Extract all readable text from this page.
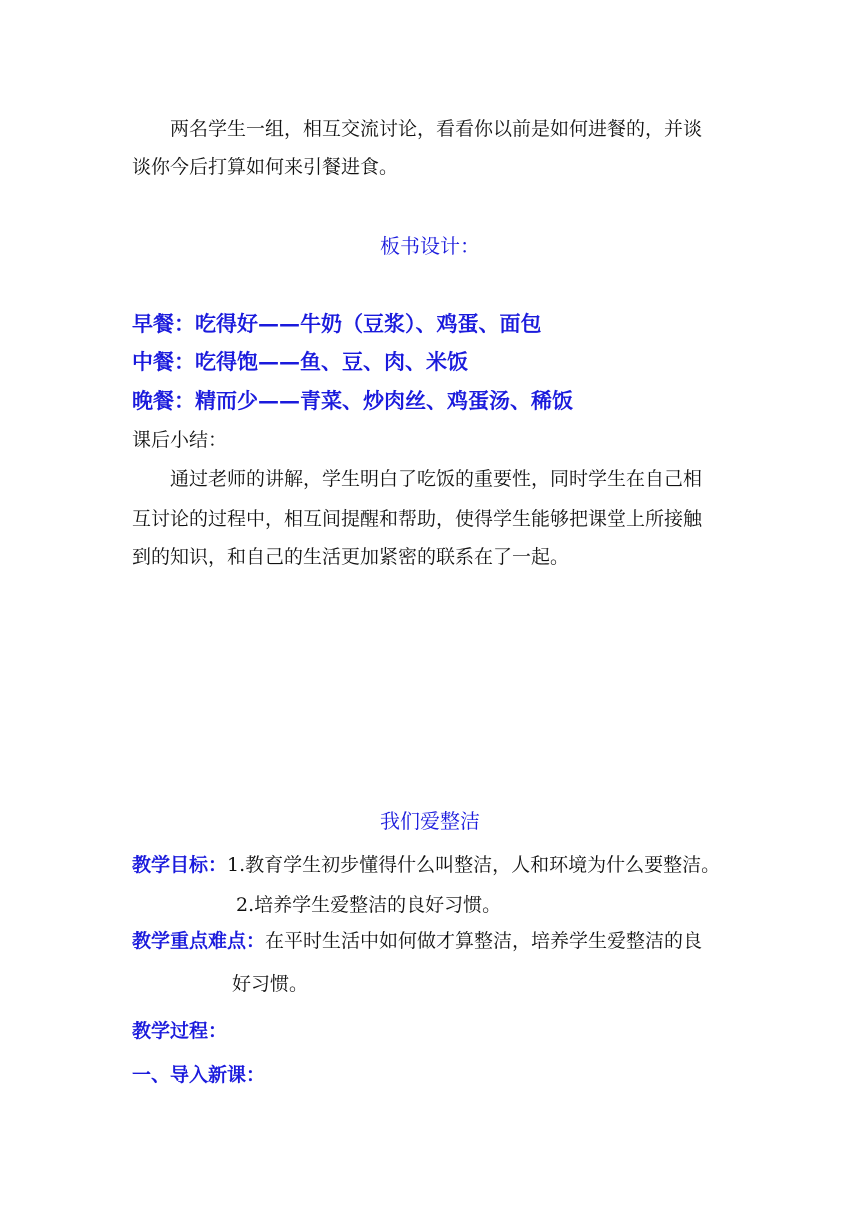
两名学生一组，相互交流讨论，看看你以前是如何进餐的，并谈
谈你今后打算如何来引餐进食。
板书设计：
早餐：吃得好——牛奶（豆浆）、鸡蛋、面包
中餐：吃得饱——鱼、豆、肉、米饭
晚餐：精而少——青菜、炒肉丝、鸡蛋汤、稀饭
课后小结：
通过老师的讲解，学生明白了吃饭的重要性，同时学生在自己相
互讨论的过程中，相互间提醒和帮助，使得学生能够把课堂上所接触
到的知识，和自己的生活更加紧密的联系在了一起。
我们爱整洁
教学目标：1.教育学生初步懂得什么叫整洁，人和环境为什么要整洁。
2.培养学生爱整洁的良好习惯。
教学重点难点：在平时生活中如何做才算整洁，培养学生爱整洁的良
好习惯。
教学过程：
一、导入新课：
